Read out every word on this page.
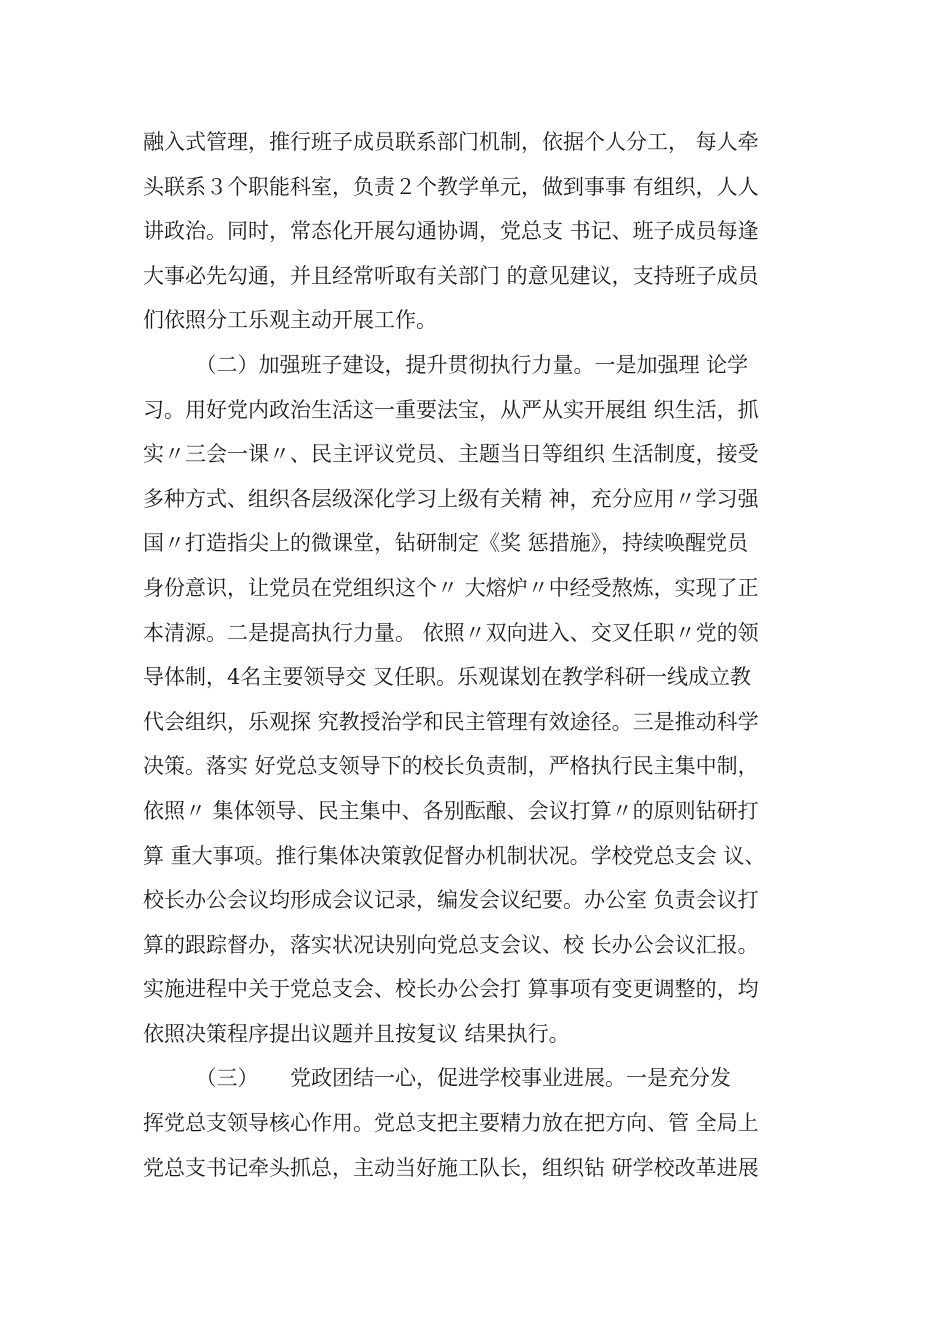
融入式管理，推行班子成员联系部门机制，依据个人分工， 每人牵
头联系３个职能科室，负责２个教学单元，做到事事 有组织，人人
讲政治。同时，常态化开展勾通协调，党总支 书记、班子成员每逢
大事必先勾通，并且经常听取有关部门 的意见建议，支持班子成员
们依照分工乐观主动开展工作。
　　　（二）加强班子建设，提升贯彻执行力量。一是加强理 论学
习。用好党内政治生活这一重要法宝，从严从实开展组 织生活，抓
实〃三会一课〃、民主评议党员、主题当日等组织 生活制度，接受
多种方式、组织各层级深化学习上级有关精 神，充分应用〃学习强
国〃打造指尖上的微课堂，钻研制定《奖 惩措施》，持续唤醒党员
身份意识，让党员在党组织这个〃 大熔炉〃中经受熬炼，实现了正
本清源。二是提高执行力量。 依照〃双向进入、交叉任职〃党的领
导体制，4名主要领导交 叉任职。乐观谋划在教学科研一线成立教
代会组织，乐观探 究教授治学和民主管理有效途径。三是推动科学
决策。落实 好党总支领导下的校长负责制，严格执行民主集中制，
依照〃 集体领导、民主集中、各别酝酿、会议打算〃的原则钻研打
算 重大事项。推行集体决策敦促督办机制状况。学校党总支会 议、
校长办公会议均形成会议记录，编发会议纪要。办公室 负责会议打
算的跟踪督办，落实状况诀别向党总支会议、校 长办公会议汇报。
实施进程中关于党总支会、校长办公会打 算事项有变更调整的，均
依照决策程序提出议题并且按复议 结果执行。
　　　（三）　　党政团结一心，促进学校事业进展。一是充分发
挥党总支领导核心作用。党总支把主要精力放在把方向、管 全局上
党总支书记牵头抓总，主动当好施工队长，组织钻 研学校改革进展
